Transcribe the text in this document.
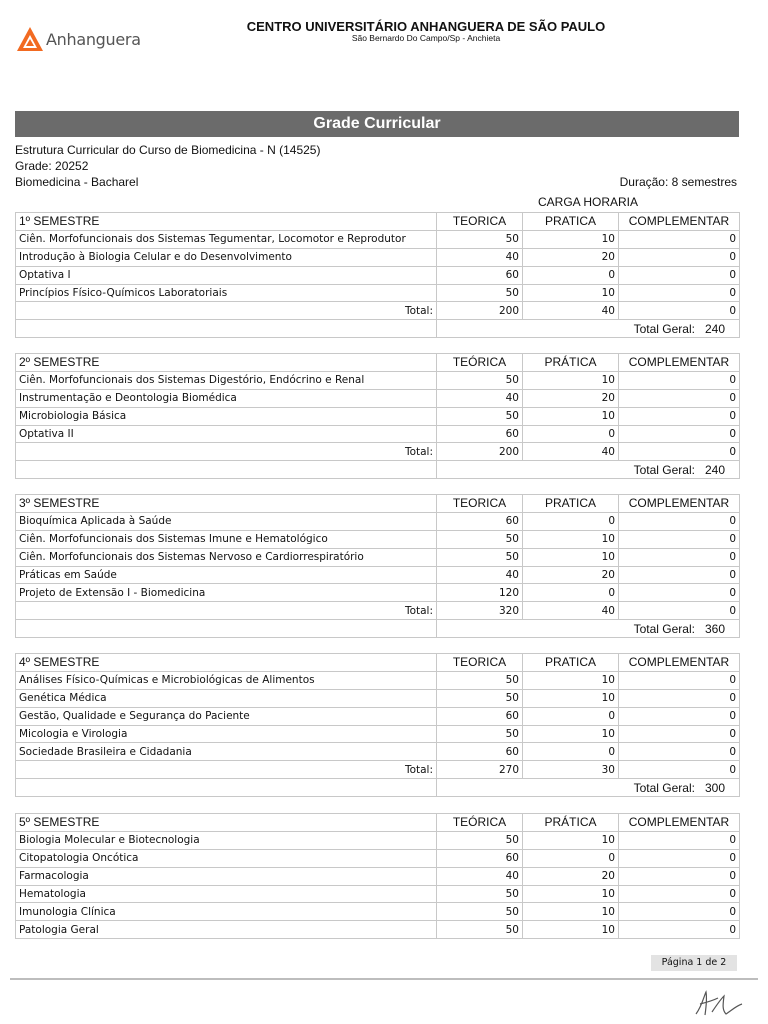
Anhanguera
CENTRO UNIVERSITÁRIO ANHANGUERA DE SÃO PAULO
São Bernardo Do Campo/Sp - Anchieta
Grade Curricular
Estrutura Curricular do Curso de Biomedicina - N (14525)
Grade: 20252
Biomedicina - Bacharel	Duração: 8 semestres
CARGA HORARIA
1º SEMESTRE	TEORICA	PRATICA	COMPLEMENTAR
Ciên. Morfofuncionais dos Sistemas Tegumentar, Locomotor e Reprodutor	50	10	0
Introdução à Biologia Celular e do Desenvolvimento	40	20	0
Optativa I	60	0	0
Princípios Físico-Químicos Laboratoriais	50	10	0
Total:	200	40	0
	Total Geral: 240		
2º SEMESTRE	TEÓRICA	PRÁTICA	COMPLEMENTAR
Ciên. Morfofuncionais dos Sistemas Digestório, Endócrino e Renal	50	10	0
Instrumentação e Deontologia Biomédica	40	20	0
Microbiologia Básica	50	10	0
Optativa II	60	0	0
Total:	200	40	0
	Total Geral: 240		
3º SEMESTRE	TEORICA	PRATICA	COMPLEMENTAR
Bioquímica Aplicada à Saúde	60	0	0
Ciên. Morfofuncionais dos Sistemas Imune e Hematológico	50	10	0
Ciên. Morfofuncionais dos Sistemas Nervoso e Cardiorrespiratório	50	10	0
Práticas em Saúde	40	20	0
Projeto de Extensão I - Biomedicina	120	0	0
Total:	320	40	0
	Total Geral: 360		
4º SEMESTRE	TEORICA	PRATICA	COMPLEMENTAR
Análises Físico-Químicas e Microbiológicas de Alimentos	50	10	0
Genética Médica	50	10	0
Gestão, Qualidade e Segurança do Paciente	60	0	0
Micologia e Virologia	50	10	0
Sociedade Brasileira e Cidadania	60	0	0
Total:	270	30	0
	Total Geral: 300		
5º SEMESTRE	TEÓRICA	PRÁTICA	COMPLEMENTAR
Biologia Molecular e Biotecnologia	50	10	0
Citopatologia Oncótica	60	0	0
Farmacologia	40	20	0
Hematologia	50	10	0
Imunologia Clínica	50	10	0
Patologia Geral	50	10	0
Página 1 de 2
